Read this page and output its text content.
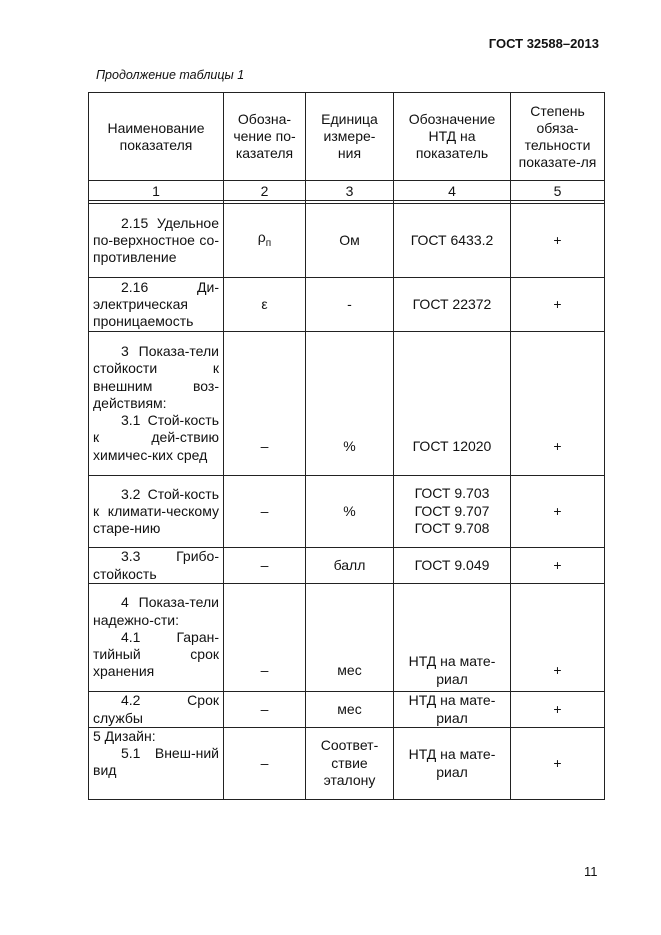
ГОСТ 32588–2013
Продолжение таблицы 1
Наименование показателя	Обозна-чение по-казателя	Единица измере-ния	Обозначение НТД на показатель	Степень обяза-тельности показате-ля
1	2	3	4	5

2.15 Удельное по-верхностное со-противление	$\rho_п$	Ом	ГОСТ 6433.2	+

2.16 Ди-электрическая проницаемость	ε	-	ГОСТ 22372	+

3 Показа-тели стойкости к внешним воз-действиям:
3.1 Стой-кость к дей-ствию химичес-ких сред	–	%	ГОСТ 12020	+

3.2 Стой-кость к климати-ческому старе-нию	–	%	ГОСТ 9.703 ГОСТ 9.707 ГОСТ 9.708	+

3.3 Грибо-стойкость	–	балл	ГОСТ 9.049	+

4 Показа-тели надежно-сти:
4.1 Гаран-тийный срок хранения	–	мес	НТД на мате-риал	+

4.2 Срок службы	–	мес	НТД на мате-риал	+

5 Дизайн:
5.1 Внеш-ний вид	–	Соответ-ствие эталону	НТД на мате-риал	+
11
